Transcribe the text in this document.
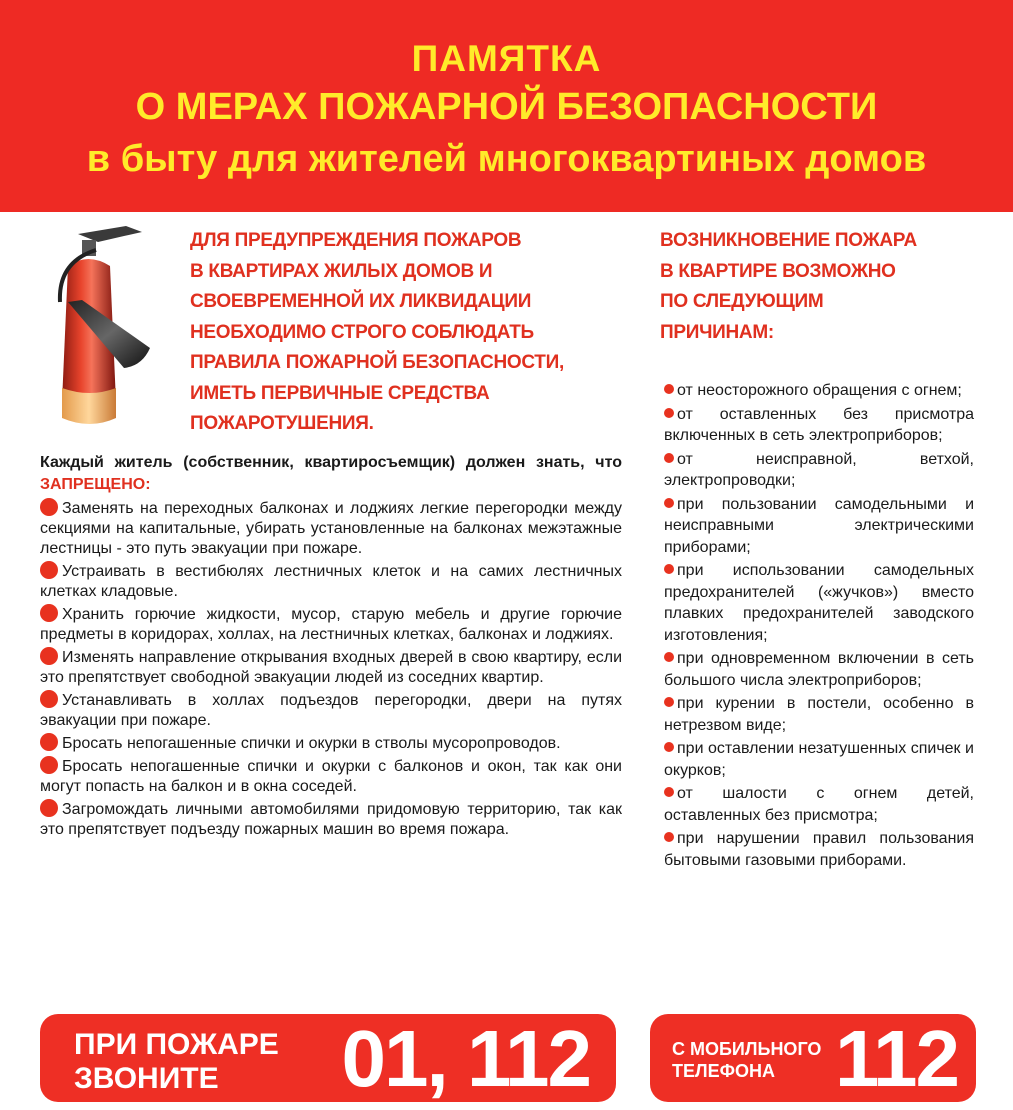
ПАМЯТКА
О МЕРАХ ПОЖАРНОЙ БЕЗОПАСНОСТИ
в быту для жителей многоквартиных домов
ДЛЯ ПРЕДУПРЕЖДЕНИЯ ПОЖАРОВ
В КВАРТИРАХ ЖИЛЫХ ДОМОВ И
СВОЕВРЕМЕННОЙ ИХ ЛИКВИДАЦИИ
НЕОБХОДИМО СТРОГО СОБЛЮДАТЬ
ПРАВИЛА ПОЖАРНОЙ БЕЗОПАСНОСТИ,
ИМЕТЬ ПЕРВИЧНЫЕ СРЕДСТВА
ПОЖАРОТУШЕНИЯ.
ВОЗНИКНОВЕНИЕ ПОЖАРА
В КВАРТИРЕ ВОЗМОЖНО
ПО СЛЕДУЮЩИМ
ПРИЧИНАМ:
Каждый житель (собственник, квартиросъемщик) должен знать, что ЗАПРЕЩЕНО:
Заменять на переходных балконах и лоджиях легкие перегородки между секциями на капитальные, убирать установленные на балконах межэтажные лестницы - это путь эвакуации при пожаре.
Устраивать в вестибюлях лестничных клеток и на самих лестничных клетках кладовые.
Хранить горючие жидкости, мусор, старую мебель и другие горючие предметы в коридорах, холлах, на лестничных клетках, балконах и лоджиях.
Изменять направление открывания входных дверей в свою квартиру, если это препятствует свободной эвакуации людей из соседних квартир.
Устанавливать в холлах подъездов перегородки, двери на путях эвакуации при пожаре.
Бросать непогашенные спички и окурки в стволы мусоропроводов.
Бросать непогашенные спички и окурки с балконов и окон, так как они могут попасть на балкон и в окна соседей.
Загромождать личными автомобилями придомовую территорию, так как это препятствует подъезду пожарных машин во время пожара.
от неосторожного обращения с огнем;
от оставленных без присмотра включенных в сеть электроприборов;
от неисправной, ветхой, электропроводки;
при пользовании самодельными и неисправными электрическими приборами;
при использовании самодельных предохранителей («жучков») вместо плавких предохранителей заводского изготовления;
при одновременном включении в сеть большого числа электроприборов;
при курении в постели, особенно в нетрезвом виде;
при оставлении незатушенных спичек и окурков;
от шалости с огнем детей, оставленных без присмотра;
при нарушении правил пользования бытовыми газовыми приборами.
ПРИ ПОЖАРЕ
ЗВОНИТЕ	01, 112	С МОБИЛЬНОГО
ТЕЛЕФОНА 112
